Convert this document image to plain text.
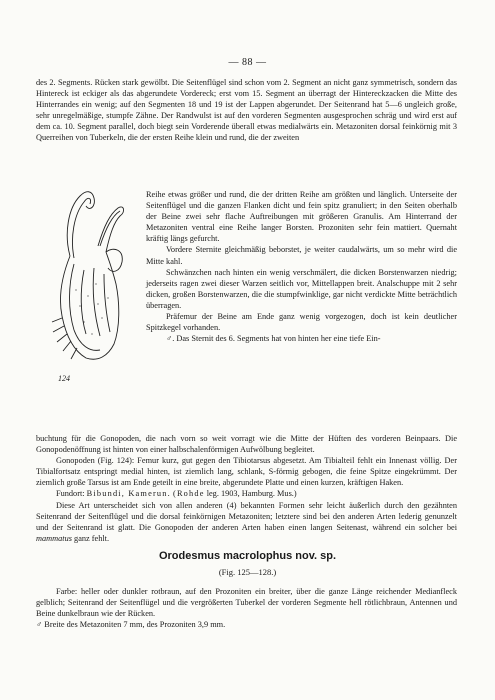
— 88 —

des 2. Segments. Rücken stark gewölbt. Die Seitenflügel sind schon vom 2. Segment an nicht ganz symmetrisch, sondern das Hintereck ist eckiger als das abgerundete Vordereck; erst vom 15. Segment an überragt der Hintereckzacken die Mitte des Hinterrandes ein wenig; auf den Segmenten 18 und 19 ist der Lappen abgerundet. Der Seitenrand hat 5—6 ungleich große, sehr unregelmäßige, stumpfe Zähne. Der Randwulst ist auf den vorderen Segmenten ausgesprochen schräg und wird erst auf dem ca. 10. Segment parallel, doch biegt sein Vorderende überall etwas medialwärts ein. Metazoniten dorsal feinkörnig mit 3 Querreihen von Tuberkeln, die der ersten Reihe klein und rund, die der zweiten

124

Reihe etwas größer und rund, die der dritten Reihe am größten und länglich. Unterseite der Seitenflügel und die ganzen Flanken dicht und fein spitz granuliert; in den Seiten oberhalb der Beine zwei sehr flache Auftreibungen mit größeren Granulis. Am Hinterrand der Metazoniten ventral eine Reihe langer Borsten. Prozoniten sehr fein mattiert. Quernaht kräftig längs gefurcht.

Vordere Sternite gleichmäßig beborstet, je weiter caudalwärts, um so mehr wird die Mitte kahl.

Schwänzchen nach hinten ein wenig verschmälert, die dicken Borstenwarzen niedrig; jederseits ragen zwei dieser Warzen seitlich vor, Mittellappen breit. Analschuppe mit 2 sehr dicken, großen Borstenwarzen, die die stumpfwinklige, gar nicht verdickte Mitte beträchtlich überragen.

Präfemur der Beine am Ende ganz wenig vorgezogen, doch ist kein deutlicher Spitzkegel vorhanden.

♂. Das Sternit des 6. Segments hat von hinten her eine tiefe Ein-

buchtung für die Gonopoden, die nach vorn so weit vorragt wie die Mitte der Hüften des vorderen Beinpaars. Die Gonopodenöffnung ist hinten von einer halbschalenförmigen Aufwölbung begleitet.

Gonopoden (Fig. 124): Femur kurz, gut gegen den Tibiotarsus abgesetzt. Am Tibialteil fehlt ein Innenast völlig. Der Tibialfortsatz entspringt medial hinten, ist ziemlich lang, schlank, S-förmig gebogen, die feine Spitze eingekrümmt. Der ziemlich große Tarsus ist am Ende geteilt in eine breite, abgerundete Platte und einen kurzen, kräftigen Haken.

Fundort: Bibundi, Kamerun. (Rohde leg. 1903, Hamburg. Mus.)

Diese Art unterscheidet sich von allen anderen (4) bekannten Formen sehr leicht äußerlich durch den gezähnten Seitenrand der Seitenflügel und die dorsal feinkörnigen Metazoniten; letztere sind bei den anderen Arten lederig genunzelt und der Seitenrand ist glatt. Die Gonopoden der anderen Arten haben einen langen Seitenast, während ein solcher bei mammatus ganz fehlt.

Orodesmus macrolophus nov. sp.
(Fig. 125—128.)

Farbe: heller oder dunkler rotbraun, auf den Prozoniten ein breiter, über die ganze Länge reichender Medianfleck gelblich; Seitenrand der Seitenflügel und die vergrößerten Tuberkel der vorderen Segmente hell rötlichbraun, Antennen und Beine dunkelbraun wie der Rücken.

♂ Breite des Metazoniten 7 mm, des Prozoniten 3,9 mm.
